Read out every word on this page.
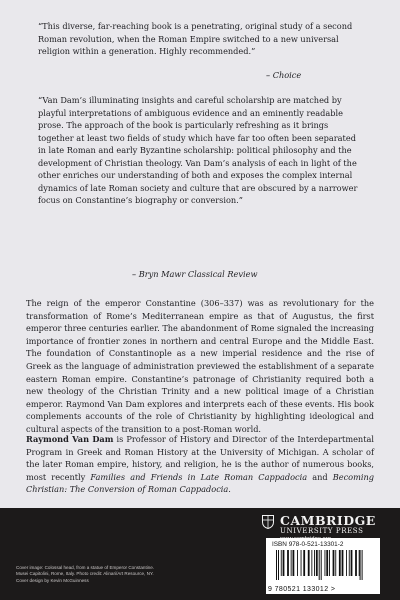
“This diverse, far-reaching book is a penetrating, original study of a second Roman revolution, when the Roman Empire switched to a new universal religion within a generation. Highly recommended.”

– Choice

“Van Dam’s illuminating insights and careful scholarship are matched by playful interpretations of ambiguous evidence and an eminently readable prose. The approach of the book is particularly refreshing as it brings together at least two fields of study which have far too often been separated in late Roman and early Byzantine scholarship: political philosophy and the development of Christian theology. Van Dam’s analysis of each in light of the other enriches our understanding of both and exposes the complex internal dynamics of late Roman society and culture that are obscured by a narrower focus on Constantine’s biography or conversion.”

– Bryn Mawr Classical Review

The reign of the emperor Constantine (306–337) was as revolutionary for the transformation of Rome’s Mediterranean empire as that of Augustus, the first emperor three centuries earlier. The abandonment of Rome signaled the increasing importance of frontier zones in northern and central Europe and the Middle East. The foundation of Constantinople as a new imperial residence and the rise of Greek as the language of administration previewed the establishment of a separate eastern Roman empire. Constantine’s patronage of Christianity required both a new theology of the Christian Trinity and a new political image of a Christian emperor. Raymond Van Dam explores and interprets each of these events. His book complements accounts of the role of Christianity by highlighting ideological and cultural aspects of the transition to a post-Roman world.

Raymond Van Dam is Professor of History and Director of the Interdepartmental Program in Greek and Roman History at the University of Michigan. A scholar of the later Roman empire, history, and religion, he is the author of numerous books, most recently Families and Friends in Late Roman Cappadocia and Becoming Christian: The Conversion of Roman Cappadocia.

Cover image: Colossal head, from a statue of Emperor Constantine.
Musei Capitolini, Rome, Italy. Photo credit: Alinari/Art Resource, NY.
Cover design by Kevin McGuinness
CAMBRIDGE
UNIVERSITY PRESS
ISBN 978-0-521-13301-2
9 780521 133012 >
